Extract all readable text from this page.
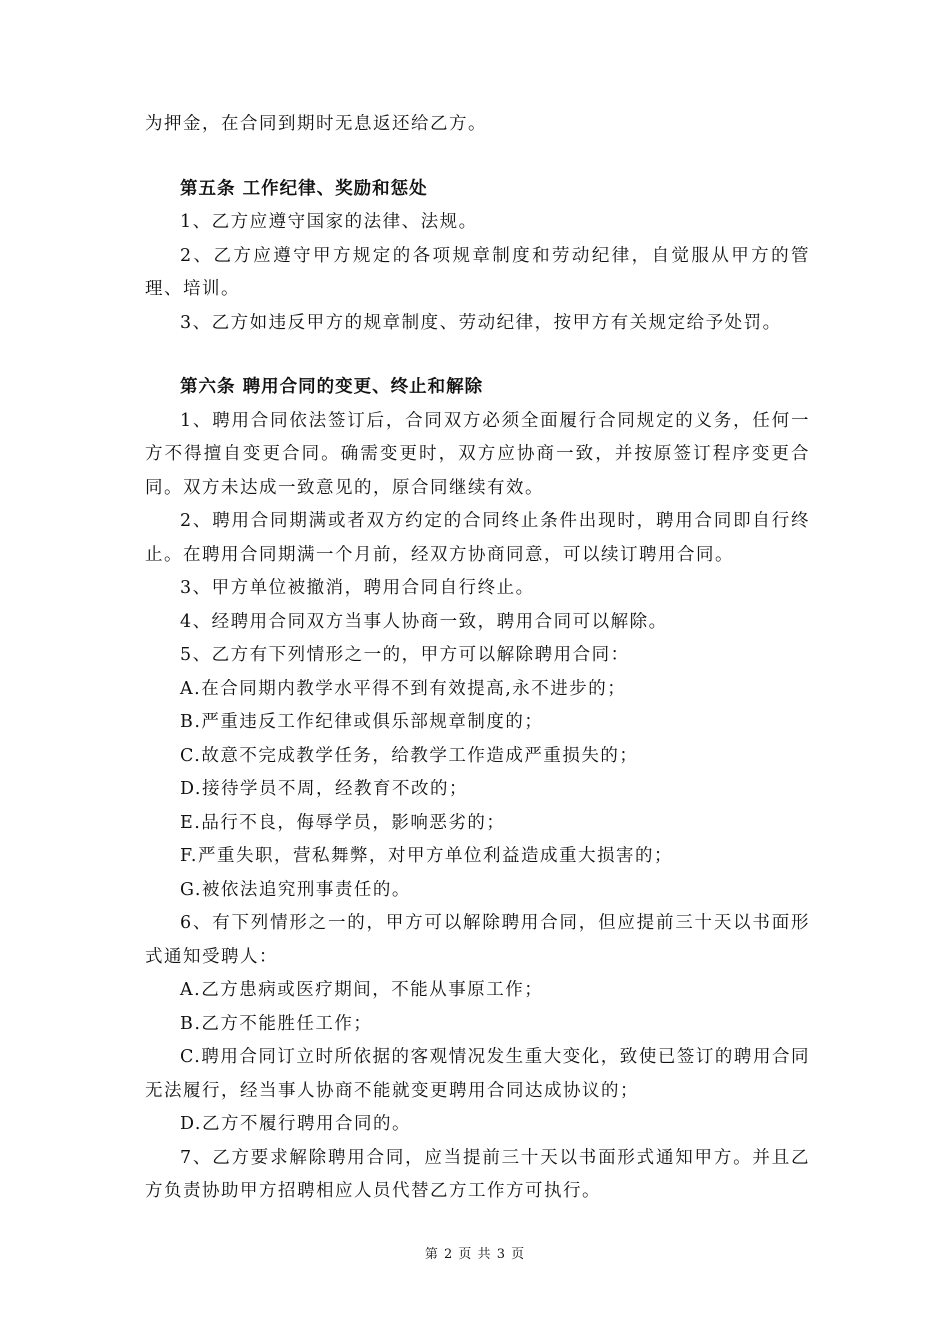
为押金，在合同到期时无息返还给乙方。

第五条 工作纪律、奖励和惩处

1、乙方应遵守国家的法律、法规。

2、乙方应遵守甲方规定的各项规章制度和劳动纪律，自觉服从甲方的管理、培训。

3、乙方如违反甲方的规章制度、劳动纪律，按甲方有关规定给予处罚。

第六条 聘用合同的变更、终止和解除

1、聘用合同依法签订后，合同双方必须全面履行合同规定的义务，任何一方不得擅自变更合同。确需变更时，双方应协商一致，并按原签订程序变更合同。双方未达成一致意见的，原合同继续有效。

2、聘用合同期满或者双方约定的合同终止条件出现时，聘用合同即自行终止。在聘用合同期满一个月前，经双方协商同意，可以续订聘用合同。

3、甲方单位被撤消，聘用合同自行终止。

4、经聘用合同双方当事人协商一致，聘用合同可以解除。

5、乙方有下列情形之一的，甲方可以解除聘用合同：

A.在合同期内教学水平得不到有效提高,永不进步的；

B.严重违反工作纪律或俱乐部规章制度的；

C.故意不完成教学任务，给教学工作造成严重损失的；

D.接待学员不周，经教育不改的；

E.品行不良，侮辱学员，影响恶劣的；

F.严重失职，营私舞弊，对甲方单位利益造成重大损害的；

G.被依法追究刑事责任的。

6、有下列情形之一的，甲方可以解除聘用合同，但应提前三十天以书面形式通知受聘人：

A.乙方患病或医疗期间，不能从事原工作；

B.乙方不能胜任工作；

C.聘用合同订立时所依据的客观情况发生重大变化，致使已签订的聘用合同无法履行，经当事人协商不能就变更聘用合同达成协议的；

D.乙方不履行聘用合同的。

7、乙方要求解除聘用合同，应当提前三十天以书面形式通知甲方。并且乙方负责协助甲方招聘相应人员代替乙方工作方可执行。

第 2 页 共 3 页
